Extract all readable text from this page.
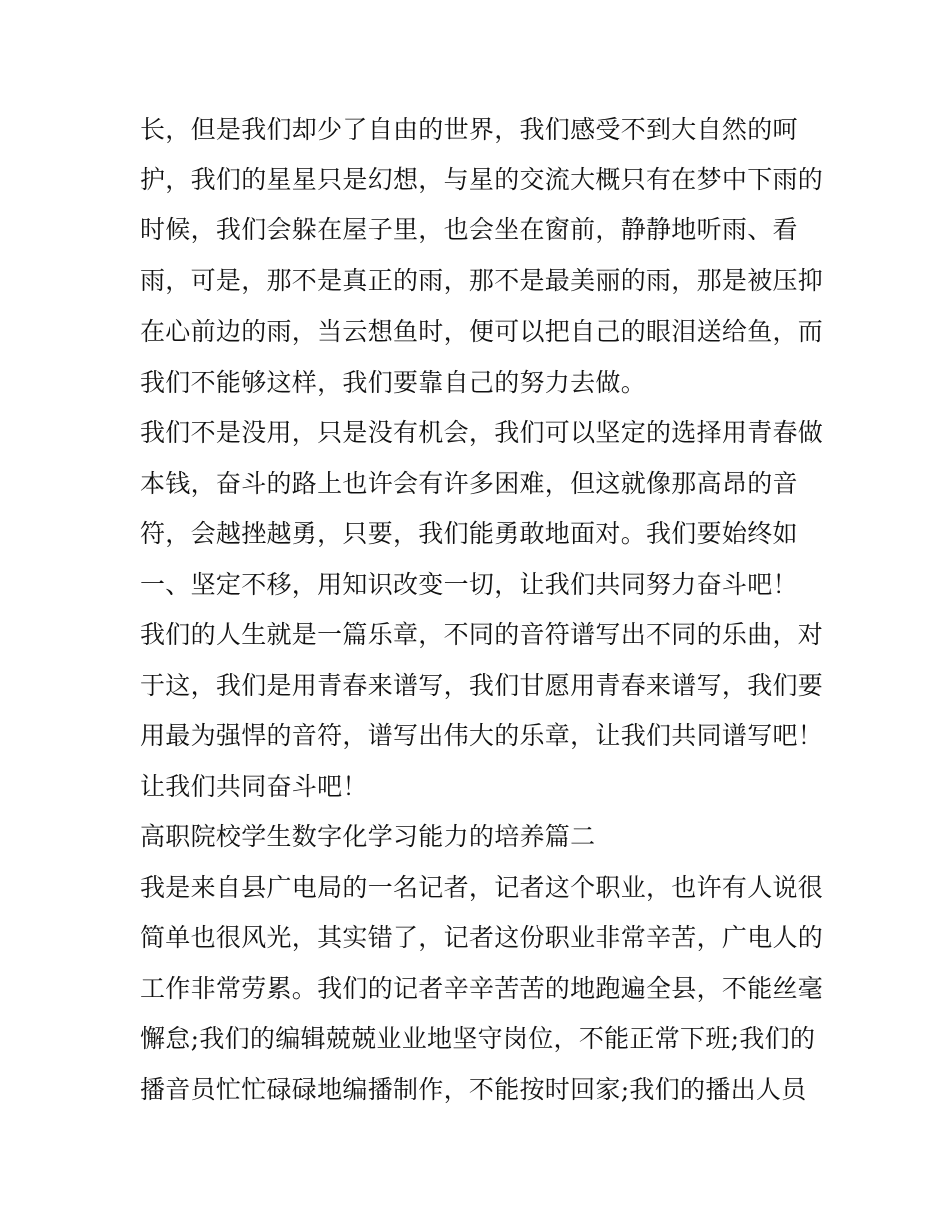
长，但是我们却少了自由的世界，我们感受不到大自然的呵
护，我们的星星只是幻想，与星的交流大概只有在梦中下雨的
时候，我们会躲在屋子里，也会坐在窗前，静静地听雨、看
雨，可是，那不是真正的雨，那不是最美丽的雨，那是被压抑
在心前边的雨，当云想鱼时，便可以把自己的眼泪送给鱼，而
我们不能够这样，我们要靠自己的努力去做。
我们不是没用，只是没有机会，我们可以坚定的选择用青春做
本钱，奋斗的路上也许会有许多困难，但这就像那高昂的音
符，会越挫越勇，只要，我们能勇敢地面对。我们要始终如
一、坚定不移，用知识改变一切，让我们共同努力奋斗吧！
我们的人生就是一篇乐章，不同的音符谱写出不同的乐曲，对
于这，我们是用青春来谱写，我们甘愿用青春来谱写，我们要
用最为强悍的音符，谱写出伟大的乐章，让我们共同谱写吧！
让我们共同奋斗吧！
高职院校学生数字化学习能力的培养篇二
我是来自县广电局的一名记者，记者这个职业，也许有人说很
简单也很风光，其实错了，记者这份职业非常辛苦，广电人的
工作非常劳累。我们的记者辛辛苦苦的地跑遍全县，不能丝毫
懈怠;我们的编辑兢兢业业地坚守岗位，不能正常下班;我们的
播音员忙忙碌碌地编播制作，不能按时回家;我们的播出人员
